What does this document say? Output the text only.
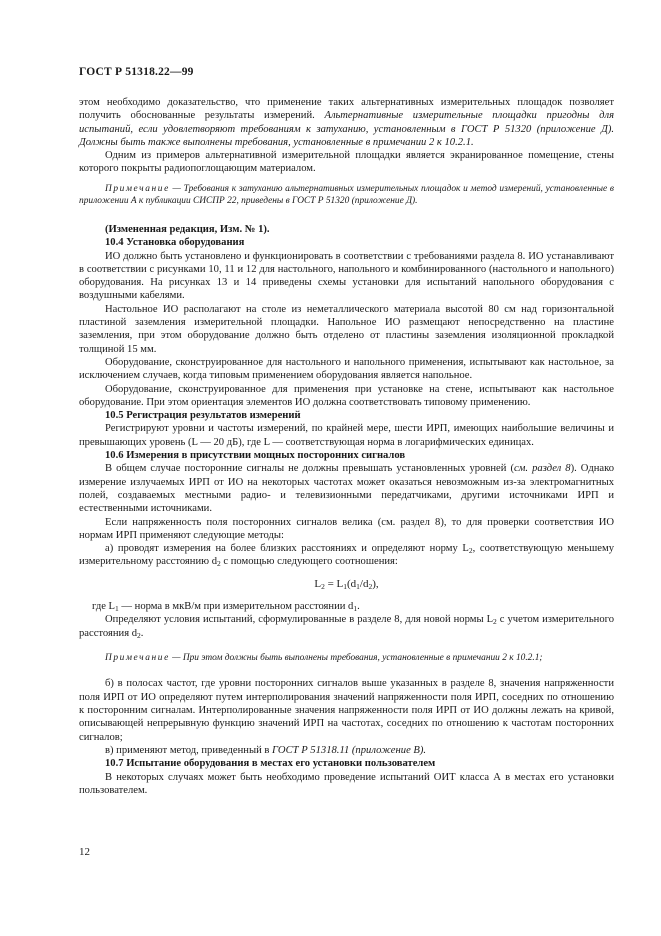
ГОСТ Р 51318.22—99

этом необходимо доказательство, что применение таких альтернативных измерительных площадок позволяет получить обоснованные результаты измерений. Альтернативные измерительные площадки пригодны для испытаний, если удовлетворяют требованиям к затуханию, установленным в ГОСТ Р 51320 (приложение Д). Должны быть также выполнены требования, установленные в примечании 2 к 10.2.1.

Одним из примеров альтернативной измерительной площадки является экранированное помещение, стены которого покрыты радиопоглощающим материалом.

Примечание — Требования к затуханию альтернативных измерительных площадок и метод измерений, установленные в приложении А к публикации СИСПР 22, приведены в ГОСТ Р 51320 (приложение Д).

(Измененная редакция, Изм. № 1).

10.4 Установка оборудования

ИО должно быть установлено и функционировать в соответствии с требованиями раздела 8. ИО устанавливают в соответствии с рисунками 10, 11 и 12 для настольного, напольного и комбинированного (настольного и напольного) оборудования. На рисунках 13 и 14 приведены схемы установки для испытаний напольного оборудования с воздушными кабелями.

Настольное ИО располагают на столе из неметаллического материала высотой 80 см над горизонтальной пластиной заземления измерительной площадки. Напольное ИО размещают непосредственно на пластине заземления, при этом оборудование должно быть отделено от пластины заземления изоляционной прокладкой толщиной 15 мм.

Оборудование, сконструированное для настольного и напольного применения, испытывают как настольное, за исключением случаев, когда типовым применением оборудования является напольное.

Оборудование, сконструированное для применения при установке на стене, испытывают как настольное оборудование. При этом ориентация элементов ИО должна соответствовать типовому применению.

10.5 Регистрация результатов измерений

Регистрируют уровни и частоты измерений, по крайней мере, шести ИРП, имеющих наибольшие величины и превышающих уровень (L — 20 дБ), где L — соответствующая норма в логарифмических единицах.

10.6 Измерения в присутствии мощных посторонних сигналов

В общем случае посторонние сигналы не должны превышать установленных уровней (см. раздел 8). Однако измерение излучаемых ИРП от ИО на некоторых частотах может оказаться невозможным из-за электромагнитных полей, создаваемых местными радио- и телевизионными передатчиками, другими источниками ИРП и естественными источниками.

Если напряженность поля посторонних сигналов велика (см. раздел 8), то для проверки соответствия ИО нормам ИРП применяют следующие методы:

а) проводят измерения на более близких расстояниях и определяют норму $L_2$, соответствующую меньшему измерительному расстоянию $d_2$ с помощью следующего соотношения:

$L_2 = L_1(d_1/d_2)$,

где $L_1$ — норма в мкВ/м при измерительном расстоянии $d_1$.

Определяют условия испытаний, сформулированные в разделе 8, для новой нормы $L_2$ с учетом измерительного расстояния $d_2$.

Примечание — При этом должны быть выполнены требования, установленные в примечании 2 к 10.2.1;

б) в полосах частот, где уровни посторонних сигналов выше указанных в разделе 8, значения напряженности поля ИРП от ИО определяют путем интерполирования значений напряженности поля ИРП, соседних по отношению к посторонним сигналам. Интерполированные значения напряженности поля ИРП от ИО должны лежать на кривой, описывающей непрерывную функцию значений ИРП на частотах, соседних по отношению к частотам посторонних сигналов;

в) применяют метод, приведенный в ГОСТ Р 51318.11 (приложение В).

10.7 Испытание оборудования в местах его установки пользователем

В некоторых случаях может быть необходимо проведение испытаний ОИТ класса А в местах его установки пользователем.

12
